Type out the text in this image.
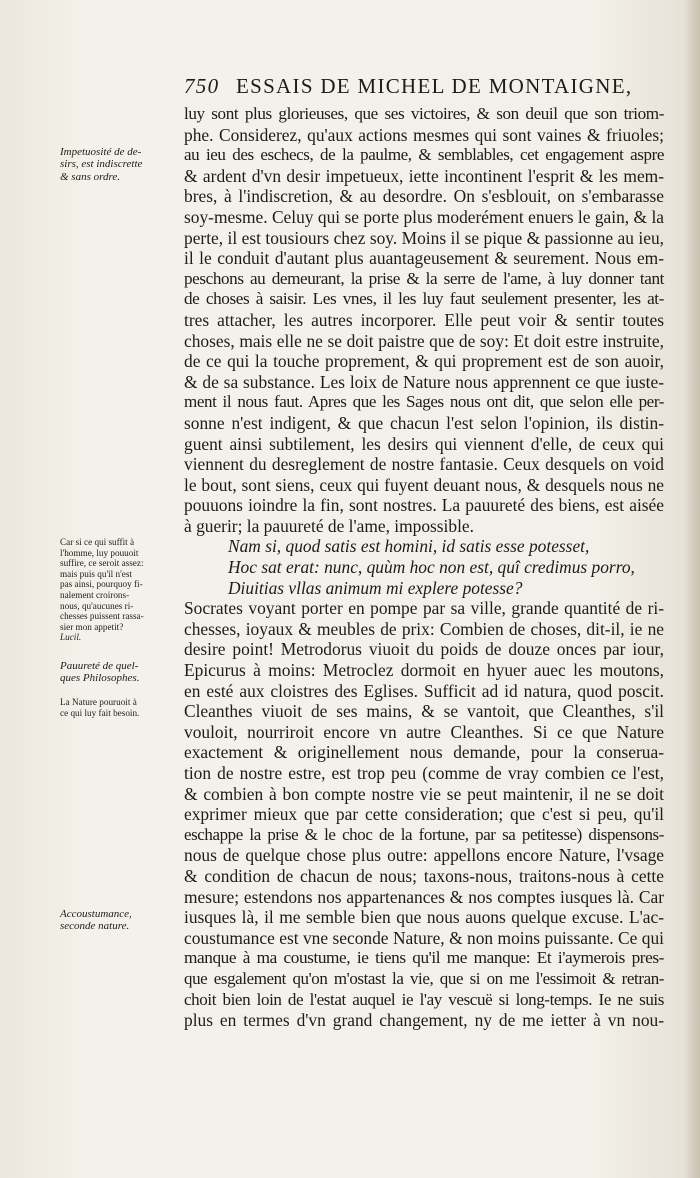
750 ESSAIS DE MICHEL DE MONTAIGNE,
luy sont plus glorieuses, que ses victoires, & son deuil que son triom-
phe. Considerez, qu'aux actions mesmes qui sont vaines & friuoles;
au ieu des eschecs, de la paulme, & semblables, cet engagement aspre
& ardent d'vn desir impetueux, iette incontinent l'esprit & les mem-
bres, à l'indiscretion, & au desordre. On s'esblouit, on s'embarasse
soy-mesme. Celuy qui se porte plus moderément enuers le gain, & la
perte, il est tousiours chez soy. Moins il se pique & passionne au ieu,
il le conduit d'autant plus auantageusement & seurement. Nous em-
peschons au demeurant, la prise & la serre de l'ame, à luy donner tant
de choses à saisir. Les vnes, il les luy faut seulement presenter, les at-
tres attacher, les autres incorporer. Elle peut voir & sentir toutes
choses, mais elle ne se doit paistre que de soy: Et doit estre instruite,
de ce qui la touche proprement, & qui proprement est de son auoir,
& de sa substance. Les loix de Nature nous apprennent ce que iuste-
ment il nous faut. Apres que les Sages nous ont dit, que selon elle per-
sonne n'est indigent, & que chacun l'est selon l'opinion, ils distin-
guent ainsi subtilement, les desirs qui viennent d'elle, de ceux qui
viennent du desreglement de nostre fantasie. Ceux desquels on void
le bout, sont siens, ceux qui fuyent deuant nous, & desquels nous ne
pouuons ioindre la fin, sont nostres. La pauureté des biens, est aisée
à guerir; la pauureté de l'ame, impossible.
Nam si, quod satis est homini, id satis esse potesset,
Hoc sat erat: nunc, quùm hoc non est, quî credimus porro,
Diuitias vllas animum mi explere potesse?
Socrates voyant porter en pompe par sa ville, grande quantité de ri-
chesses, ioyaux & meubles de prix: Combien de choses, dit-il, ie ne
desire point! Metrodorus viuoit du poids de douze onces par iour,
Epicurus à moins: Metroclez dormoit en hyuer auec les moutons,
en esté aux cloistres des Eglises. Sufficit ad id natura, quod poscit.
Cleanthes viuoit de ses mains, & se vantoit, que Cleanthes, s'il
vouloit, nourriroit encore vn autre Cleanthes. Si ce que Nature
exactement & originellement nous demande, pour la conserua-
tion de nostre estre, est trop peu (comme de vray combien ce l'est,
& combien à bon compte nostre vie se peut maintenir, il ne se doit
exprimer mieux que par cette consideration; que c'est si peu, qu'il
eschappe la prise & le choc de la fortune, par sa petitesse) dispensons-
nous de quelque chose plus outre: appellons encore Nature, l'vsage
& condition de chacun de nous; taxons-nous, traitons-nous à cette
mesure; estendons nos appartenances & nos comptes iusques là. Car
iusques là, il me semble bien que nous auons quelque excuse. L'ac-
coustumance est vne seconde Nature, & non moins puissante. Ce qui
manque à ma coustume, ie tiens qu'il me manque: Et i'aymerois pres-
que esgalement qu'on m'ostast la vie, que si on me l'essimoit & retran-
choit bien loin de l'estat auquel ie l'ay vescuë si long-temps. Ie ne suis
plus en termes d'vn grand changement, ny de me ietter à vn nou-
Impetuosité de de-
sirs, est indiscrette
& sans ordre.
Car si ce qui suffit à
l'homme, luy pouuoit
suffire, ce seroit assez:
mais puis qu'il n'est
pas ainsi, pourquoy fi-
nalement croirons-
nous, qu'aucunes ri-
chesses puissent rassa-
sier mon appetit?
Lucil.
Pauureté de quel-
ques Philosophes.
La Nature pouruoit à
ce qui luy fait besoin.
Accoustumance,
seconde nature.
